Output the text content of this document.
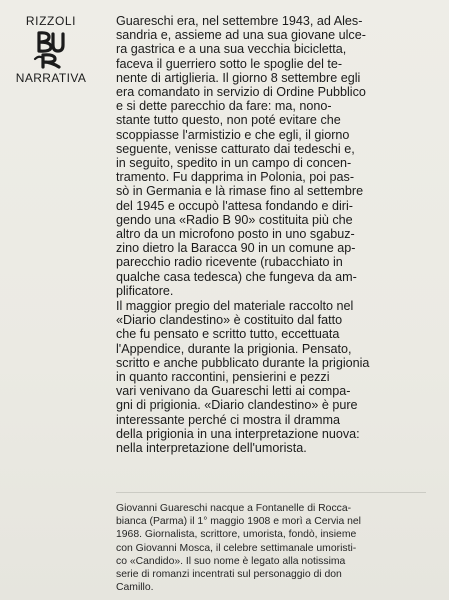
RIZZOLI
NARRATIVA

Guareschi era, nel settembre 1943, ad Ales-
sandria e, assieme ad una sua giovane ulce-
ra gastrica e a una sua vecchia bicicletta,
faceva il guerriero sotto le spoglie del te-
nente di artiglieria. Il giorno 8 settembre egli
era comandato in servizio di Ordine Pubblico
e si dette parecchio da fare: ma, nono-
stante tutto questo, non poté evitare che
scoppiasse l'armistizio e che egli, il giorno
seguente, venisse catturato dai tedeschi e,
in seguito, spedito in un campo di concen-
tramento. Fu dapprima in Polonia, poi pas-
sò in Germania e là rimase fino al settembre
del 1945 e occupò l'attesa fondando e diri-
gendo una «Radio B 90» costituita più che
altro da un microfono posto in uno sgabuz-
zino dietro la Baracca 90 in un comune ap-
parecchio radio ricevente (rubacchiato in
qualche casa tedesca) che fungeva da am-
plificatore.

Il maggior pregio del materiale raccolto nel
«Diario clandestino» è costituito dal fatto
che fu pensato e scritto tutto, eccettuata
l'Appendice, durante la prigionia. Pensato,
scritto e anche pubblicato durante la prigionia
in quanto raccontini, pensierini e pezzi
vari venivano da Guareschi letti ai compa-
gni di prigionia. «Diario clandestino» è pure
interessante perché ci mostra il dramma
della prigionia in una interpretazione nuova:
nella interpretazione dell'umorista.

Giovanni Guareschi nacque a Fontanelle di Rocca-
bianca (Parma) il 1° maggio 1908 e morì a Cervia nel
1968. Giornalista, scrittore, umorista, fondò, insieme
con Giovanni Mosca, il celebre settimanale umoristi-
co «Candido». Il suo nome è legato alla notissima
serie di romanzi incentrati sul personaggio di don
Camillo.
